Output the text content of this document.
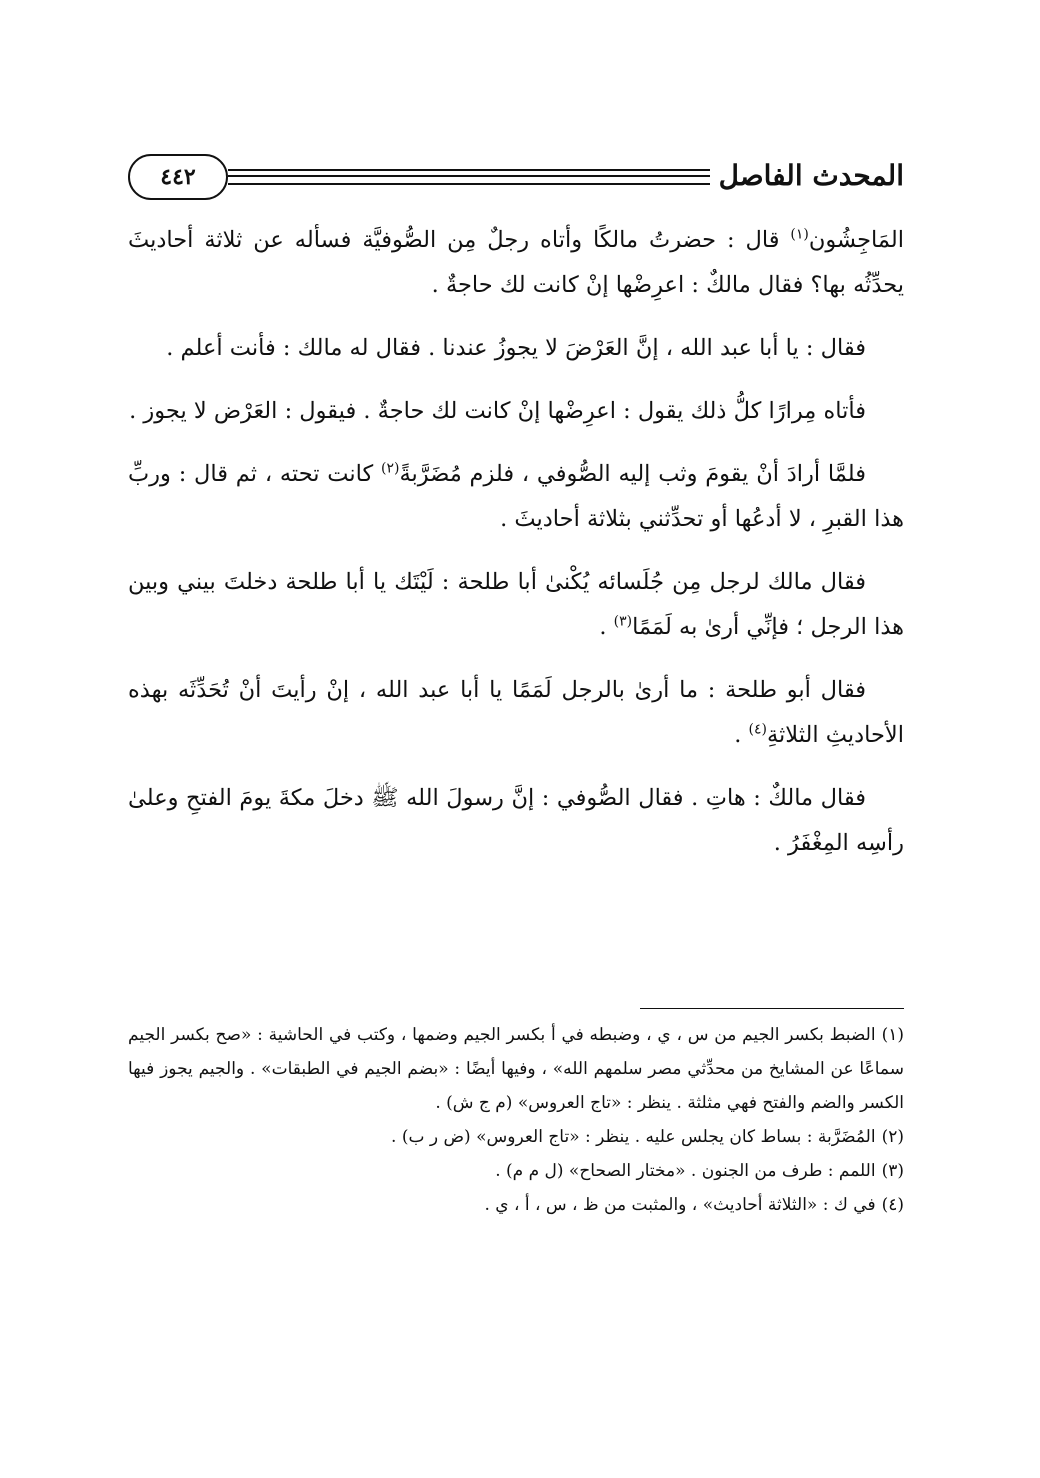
٤٤٢	المحدث الفاصل

المَاجِشُون$^{(١)}$ قال : حضرتُ مالكًا وأتاه رجلٌ مِن الصُّوفيَّة فسأله عن ثلاثة أحاديثَ يحدِّثُه بها؟ فقال مالكٌ : اعرِضْها إنْ كانت لك حاجةٌ .

فقال : يا أبا عبد الله ، إنَّ العَرْضَ لا يجوزُ عندنا . فقال له مالك : فأنت أعلم .

فأتاه مِرارًا كلُّ ذلك يقول : اعرِضْها إنْ كانت لك حاجةٌ . فيقول : العَرْض لا يجوز .

فلمَّا أرادَ أنْ يقومَ وثب إليه الصُّوفي ، فلزم مُضَرَّبةً$^{(٢)}$ كانت تحته ، ثم قال : وربِّ هذا القبرِ ، لا أدعُها أو تحدِّثني بثلاثة أحاديثَ .

فقال مالك لرجل مِن جُلَسائه يُكْنىٰ أبا طلحة : لَيْتَك يا أبا طلحة دخلتَ بيني وبين هذا الرجل ؛ فإنِّي أرىٰ به لَمَمًا$^{(٣)}$ .

فقال أبو طلحة : ما أرىٰ بالرجل لَمَمًا يا أبا عبد الله ، إنْ رأيتَ أنْ تُحَدِّثَه بهذه الأحاديثِ الثلاثةِ$^{(٤)}$ .

فقال مالكٌ : هاتِ . فقال الصُّوفي : إنَّ رسولَ الله ﷺ دخلَ مكةَ يومَ الفتحِ وعلىٰ رأسِه المِغْفَرُ .

(١)الضبط بكسر الجيم من س ، ي ، وضبطه في أ بكسر الجيم وضمها ، وكتب في الحاشية : «صح بكسر الجيم سماعًا عن المشايخ من محدِّثي مصر سلمهم الله» ، وفيها أيضًا : «بضم الجيم في الطبقات» . والجيم يجوز فيها الكسر والضم والفتح فهي مثلثة . ينظر : «تاج العروس» (م ج ش) .

(٢)المُضَرَّبة : بساط كان يجلس عليه . ينظر : «تاج العروس» (ض ر ب) .

(٣)اللمم : طرف من الجنون . «مختار الصحاح» (ل م م) .

(٤)في ك : «الثلاثة أحاديث» ، والمثبت من ظ ، س ، أ ، ي .
